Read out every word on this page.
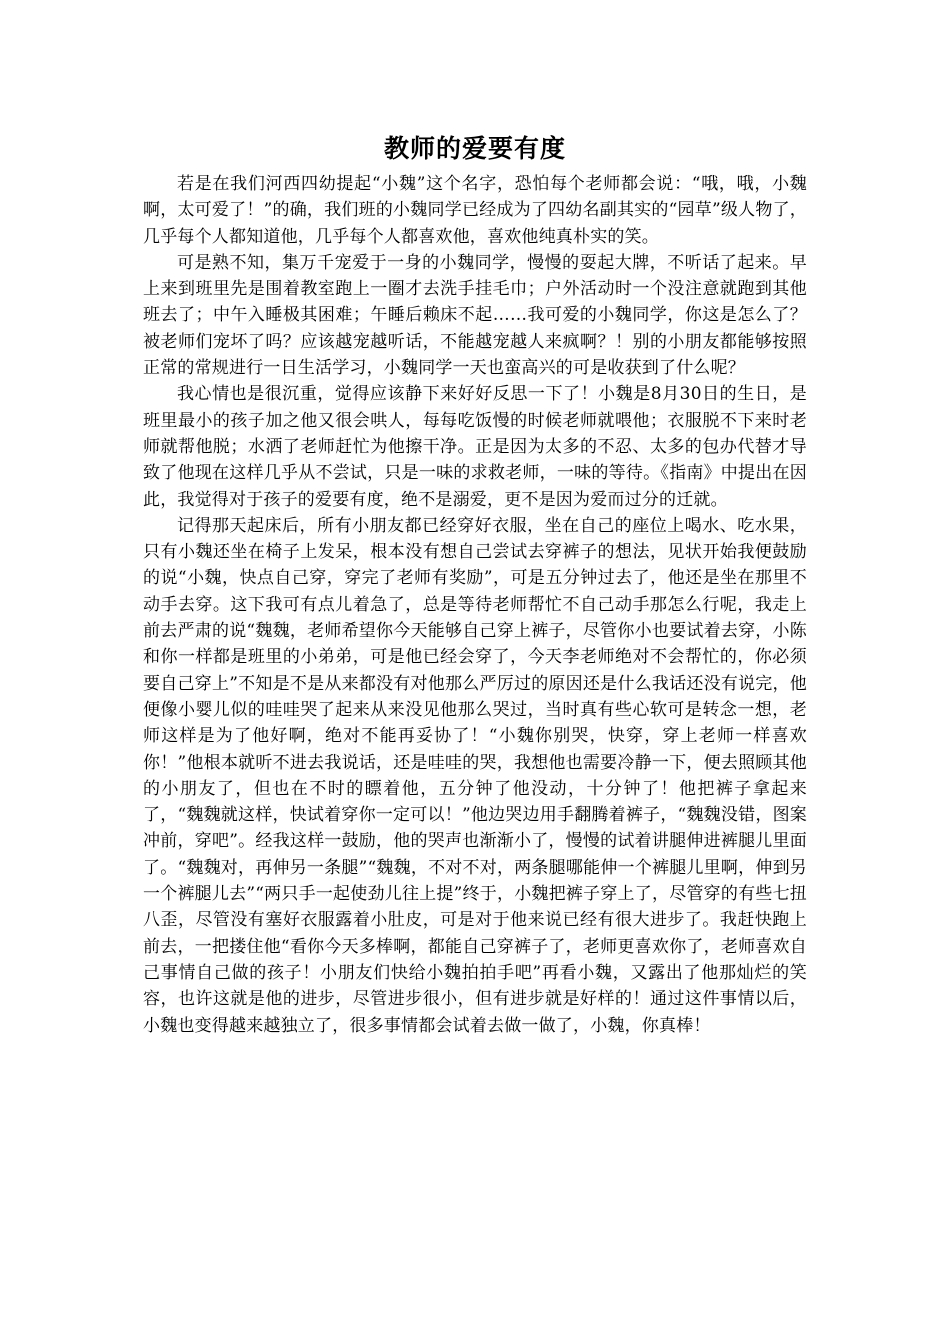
教师的爱要有度

若是在我们河西四幼提起“小魏”这个名字，恐怕每个老师都会说：“哦，哦，小魏啊，太可爱了！”的确，我们班的小魏同学已经成为了四幼名副其实的“园草”级人物了，几乎每个人都知道他，几乎每个人都喜欢他，喜欢他纯真朴实的笑。

可是熟不知，集万千宠爱于一身的小魏同学，慢慢的耍起大牌，不听话了起来。早上来到班里先是围着教室跑上一圈才去洗手挂毛巾；户外活动时一个没注意就跑到其他班去了；中午入睡极其困难；午睡后赖床不起……我可爱的小魏同学，你这是怎么了？被老师们宠坏了吗？应该越宠越听话，不能越宠越人来疯啊？！别的小朋友都能够按照正常的常规进行一日生活学习，小魏同学一天也蛮高兴的可是收获到了什么呢？

我心情也是很沉重，觉得应该静下来好好反思一下了！小魏是8月30日的生日，是班里最小的孩子加之他又很会哄人，每每吃饭慢的时候老师就喂他；衣服脱不下来时老师就帮他脱；水洒了老师赶忙为他擦干净。正是因为太多的不忍、太多的包办代替才导致了他现在这样几乎从不尝试，只是一味的求救老师，一味的等待。《指南》中提出在因此，我觉得对于孩子的爱要有度，绝不是溺爱，更不是因为爱而过分的迁就。

记得那天起床后，所有小朋友都已经穿好衣服，坐在自己的座位上喝水、吃水果，只有小魏还坐在椅子上发呆，根本没有想自己尝试去穿裤子的想法，见状开始我便鼓励的说“小魏，快点自己穿，穿完了老师有奖励”，可是五分钟过去了，他还是坐在那里不动手去穿。这下我可有点儿着急了，总是等待老师帮忙不自己动手那怎么行呢，我走上前去严肃的说“魏魏，老师希望你今天能够自己穿上裤子，尽管你小也要试着去穿，小陈和你一样都是班里的小弟弟，可是他已经会穿了，今天李老师绝对不会帮忙的，你必须要自己穿上”不知是不是从来都没有对他那么严厉过的原因还是什么我话还没有说完，他便像小婴儿似的哇哇哭了起来从来没见他那么哭过，当时真有些心软可是转念一想，老师这样是为了他好啊，绝对不能再妥协了！“小魏你别哭，快穿，穿上老师一样喜欢你！”他根本就听不进去我说话，还是哇哇的哭，我想他也需要冷静一下，便去照顾其他的小朋友了，但也在不时的瞟着他，五分钟了他没动，十分钟了！他把裤子拿起来了，“魏魏就这样，快试着穿你一定可以！”他边哭边用手翻腾着裤子，“魏魏没错，图案冲前，穿吧”。经我这样一鼓励，他的哭声也渐渐小了，慢慢的试着讲腿伸进裤腿儿里面了。“魏魏对，再伸另一条腿”“魏魏，不对不对，两条腿哪能伸一个裤腿儿里啊，伸到另一个裤腿儿去”“两只手一起使劲儿往上提”终于，小魏把裤子穿上了，尽管穿的有些七扭八歪，尽管没有塞好衣服露着小肚皮，可是对于他来说已经有很大进步了。我赶快跑上前去，一把搂住他“看你今天多棒啊，都能自己穿裤子了，老师更喜欢你了，老师喜欢自己事情自己做的孩子！小朋友们快给小魏拍拍手吧”再看小魏，又露出了他那灿烂的笑容，也许这就是他的进步，尽管进步很小，但有进步就是好样的！通过这件事情以后，小魏也变得越来越独立了，很多事情都会试着去做一做了，小魏，你真棒！
